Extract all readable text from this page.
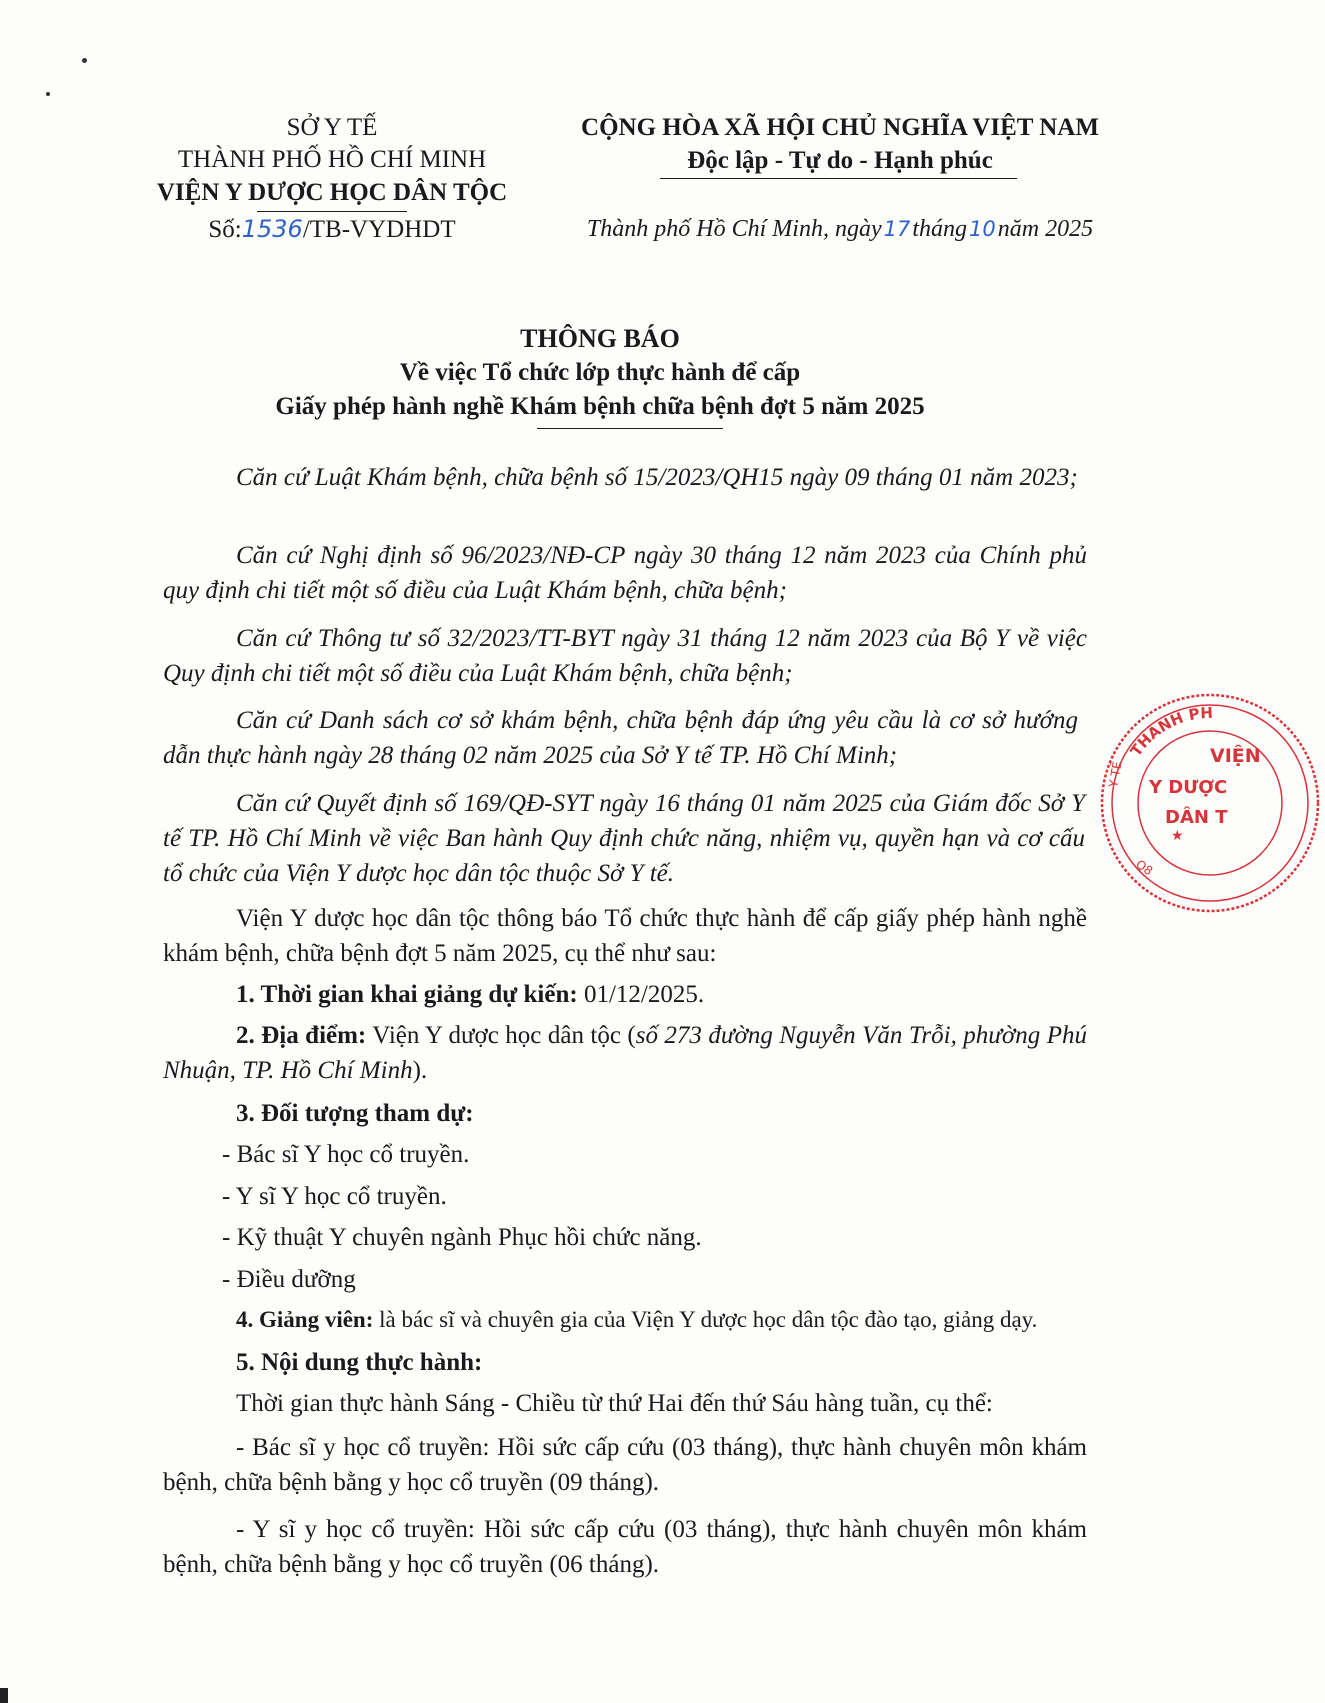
SỞ Y TẾ
THÀNH PHỐ HỒ CHÍ MINH
VIỆN Y DƯỢC HỌC DÂN TỘC
Số:1536/TB-VYDHDT
CỘNG HÒA XÃ HỘI CHỦ NGHĨA VIỆT NAM
Độc lập - Tự do - Hạnh phúc
Thành phố Hồ Chí Minh, ngày17tháng10năm 2025
THÔNG BÁO
Về việc Tổ chức lớp thực hành để cấp
Giấy phép hành nghề Khám bệnh chữa bệnh đợt 5 năm 2025
Căn cứ Luật Khám bệnh, chữa bệnh số 15/2023/QH15 ngày 09 tháng 01 năm 2023;
Căn cứ Nghị định số 96/2023/NĐ-CP ngày 30 tháng 12 năm 2023 của Chính phủ quy định chi tiết một số điều của Luật Khám bệnh, chữa bệnh;
Căn cứ Thông tư số 32/2023/TT-BYT ngày 31 tháng 12 năm 2023 của Bộ Y về việc Quy định chi tiết một số điều của Luật Khám bệnh, chữa bệnh;
Căn cứ Danh sách cơ sở khám bệnh, chữa bệnh đáp ứng yêu cầu là cơ sở hướng dẫn thực hành ngày 28 tháng 02 năm 2025 của Sở Y tế TP. Hồ Chí Minh;
Căn cứ Quyết định số 169/QĐ-SYT ngày 16 tháng 01 năm 2025 của Giám đốc Sở Y tế TP. Hồ Chí Minh về việc Ban hành Quy định chức năng, nhiệm vụ, quyền hạn và cơ cấu tổ chức của Viện Y dược học dân tộc thuộc Sở Y tế.
Viện Y dược học dân tộc thông báo Tổ chức thực hành để cấp giấy phép hành nghề khám bệnh, chữa bệnh đợt 5 năm 2025, cụ thể như sau:
1. Thời gian khai giảng dự kiến: 01/12/2025.
2. Địa điểm: Viện Y dược học dân tộc (số 273 đường Nguyễn Văn Trỗi, phường Phú Nhuận, TP. Hồ Chí Minh).
3. Đối tượng tham dự:
- Bác sĩ Y học cổ truyền.
- Y sĩ Y học cổ truyền.
- Kỹ thuật Y chuyên ngành Phục hồi chức năng.
- Điều dưỡng
4. Giảng viên: là bác sĩ và chuyên gia của Viện Y dược học dân tộc đào tạo, giảng dạy.
5. Nội dung thực hành:
Thời gian thực hành Sáng - Chiều từ thứ Hai đến thứ Sáu hàng tuần, cụ thể:
- Bác sĩ y học cổ truyền: Hồi sức cấp cứu (03 tháng), thực hành chuyên môn khám bệnh, chữa bệnh bằng y học cổ truyền (09 tháng).
- Y sĩ y học cổ truyền: Hồi sức cấp cứu (03 tháng), thực hành chuyên môn khám bệnh, chữa bệnh bằng y học cổ truyền (06 tháng).
THÀNH PH
Y TẾ
Q8
★
VIỆN
Y DƯỢC
DÂN T
